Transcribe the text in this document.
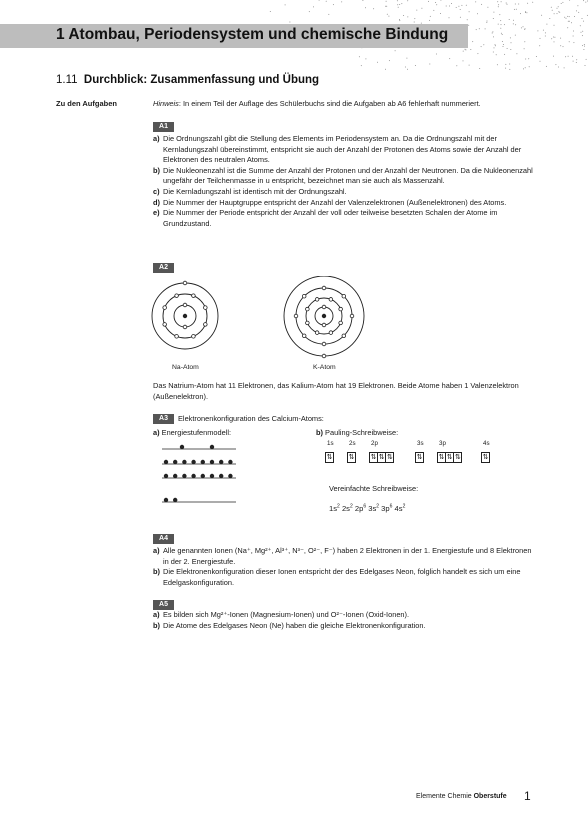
1 Atombau, Periodensystem und chemische Bindung
1.11 Durchblick: Zusammenfassung und Übung
Zu den Aufgaben	Hinweis: In einem Teil der Auflage des Schülerbuchs sind die Aufgaben ab A6 fehlerhaft nummeriert.
A1
a) Die Ordnungszahl gibt die Stellung des Elements im Periodensystem an. Da die Ordnungszahl mit der Kernladungszahl übereinstimmt, entspricht sie auch der Anzahl der Protonen des Atoms sowie der Anzahl der Elektronen des neutralen Atoms.
b) Die Nukleonenzahl ist die Summe der Anzahl der Protonen und der Anzahl der Neutronen. Da die Nukleonenzahl ungefähr der Teilchenmasse in u entspricht, bezeichnet man sie auch als Massenzahl.
c) Die Kernladungszahl ist identisch mit der Ordnungszahl.
d) Die Nummer der Hauptgruppe entspricht der Anzahl der Valenzelektronen (Außenelektronen) des Atoms.
e) Die Nummer der Periode entspricht der Anzahl der voll oder teilweise besetzten Schalen der Atome im Grundzustand.
A2
Na-Atom	K-Atom
Das Natrium-Atom hat 11 Elektronen, das Kalium-Atom hat 19 Elektronen. Beide Atome haben 1 Valenzelektron (Außenelektron).
A3	Elektronenkonfiguration des Calcium-Atoms:
a) Energiestufenmodell:	b) Pauling-Schreibweise:
1s
⇅
2s
⇅
2p
⇅ ⇅ ⇅
3s
⇅
3p
⇅ ⇅ ⇅
4s
⇅
Vereinfachte Schreibweise:
$1s^2$ $2s^2$ $2p^6$ $3s^2$ $3p^6$ $4s^2$
A4
a) Alle genannten Ionen (Na⁺, Mg²⁺, Al³⁺, N³⁻, O²⁻, F⁻) haben 2 Elektronen in der 1. Energiestufe und 8 Elektronen in der 2. Energiestufe.
b) Die Elektronenkonfiguration dieser Ionen entspricht der des Edelgases Neon, folglich handelt es sich um eine Edelgaskonfiguration.
A5
a) Es bilden sich Mg²⁺-Ionen (Magnesium-Ionen) und O²⁻-Ionen (Oxid-Ionen).
b) Die Atome des Edelgases Neon (Ne) haben die gleiche Elektronenkonfiguration.
Elemente Chemie Oberstufe 1
